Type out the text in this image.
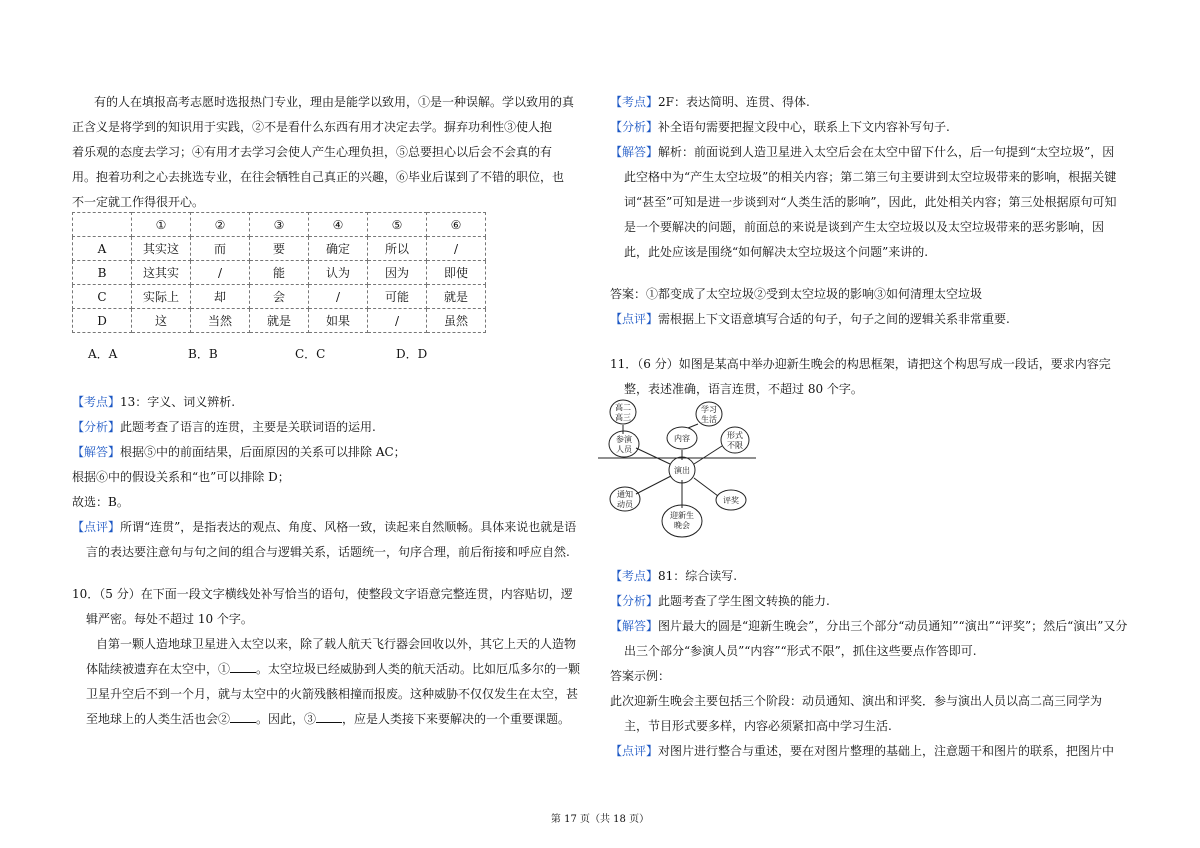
有的人在填报高考志愿时选报热门专业，理由是能学以致用，①是一种误解。学以致用的真
正含义是将学到的知识用于实践，②不是看什么东西有用才决定去学。摒弃功利性③使人抱
着乐观的态度去学习；④有用才去学习会使人产生心理负担，⑤总要担心以后会不会真的有
用。抱着功利之心去挑选专业，在往会牺牲自己真正的兴趣，⑥毕业后谋到了不错的职位，也
不一定就工作得很开心。
	①	②	③	④	⑤	⑥
A	其实这	而	要	确定	所以	/
B	这其实	/	能	认为	因为	即使
C	实际上	却	会	/	可能	就是
D	这	当然	就是	如果	/	虽然
A．A	B．B	C．C	D．D
【考点】13：字义、词义辨析.
【分析】此题考查了语言的连贯，主要是关联词语的运用.
【解答】根据⑤中的前面结果，后面原因的关系可以排除 AC；
根据⑥中的假设关系和“也”可以排除 D；
故选：B。
【点评】所谓“连贯”，是指表达的观点、角度、风格一致，读起来自然顺畅。具体来说也就是语
言的表达要注意句与句之间的组合与逻辑关系，话题统一，句序合理，前后衔接和呼应自然.
10．（5 分）在下面一段文字横线处补写恰当的语句，使整段文字语意完整连贯，内容贴切，逻
辑严密。每处不超过 10 个字。
自第一颗人造地球卫星进入太空以来，除了载人航天飞行器会回收以外，其它上天的人造物
体陆续被遗弃在太空中，① 。太空垃圾已经威胁到人类的航天活动。比如厄瓜多尔的一颗
卫星升空后不到一个月，就与太空中的火箭残骸相撞而报废。这种威胁不仅仅发生在太空，甚
至地球上的人类生活也会② 。因此，③ ，应是人类接下来要解决的一个重要课题。
【考点】2F：表达简明、连贯、得体.
【分析】补全语句需要把握文段中心，联系上下文内容补写句子.
【解答】解析：前面说到人造卫星进入太空后会在太空中留下什么，后一句提到“太空垃圾”，因
此空格中为“产生太空垃圾”的相关内容；第二第三句主要讲到太空垃圾带来的影响，根据关键
词“甚至”可知是进一步谈到对“人类生活的影响”，因此，此处相关内容；第三处根据原句可知
是一个要解决的问题，前面总的来说是谈到产生太空垃圾以及太空垃圾带来的恶劣影响，因
此，此处应该是围绕“如何解决太空垃圾这个问题”来讲的.
答案：①都变成了太空垃圾②受到太空垃圾的影响③如何清理太空垃圾
【点评】需根据上下文语意填写合适的句子，句子之间的逻辑关系非常重要.
11．（6 分）如图是某高中举办迎新生晚会的构思框架，请把这个构思写成一段话，要求内容完
整，表述准确，语言连贯，不超过 80 个字。
演出
迎新生
晚会
通知
动员	评奖
参演
人员
内容	形式
不限
高二
高三
学习
生活
【考点】81：综合读写.
【分析】此题考查了学生图文转换的能力.
【解答】图片最大的圆是“迎新生晚会”，分出三个部分“动员通知”“演出”“评奖”；然后“演出”又分
出三个部分“参演人员”“内容”“形式不限”，抓住这些要点作答即可.
答案示例：
此次迎新生晚会主要包括三个阶段：动员通知、演出和评奖．参与演出人员以高二高三同学为
主，节目形式要多样，内容必须紧扣高中学习生活.
【点评】对图片进行整合与重述，要在对图片整理的基础上，注意题干和图片的联系，把图片中
第 17 页（共 18 页）
